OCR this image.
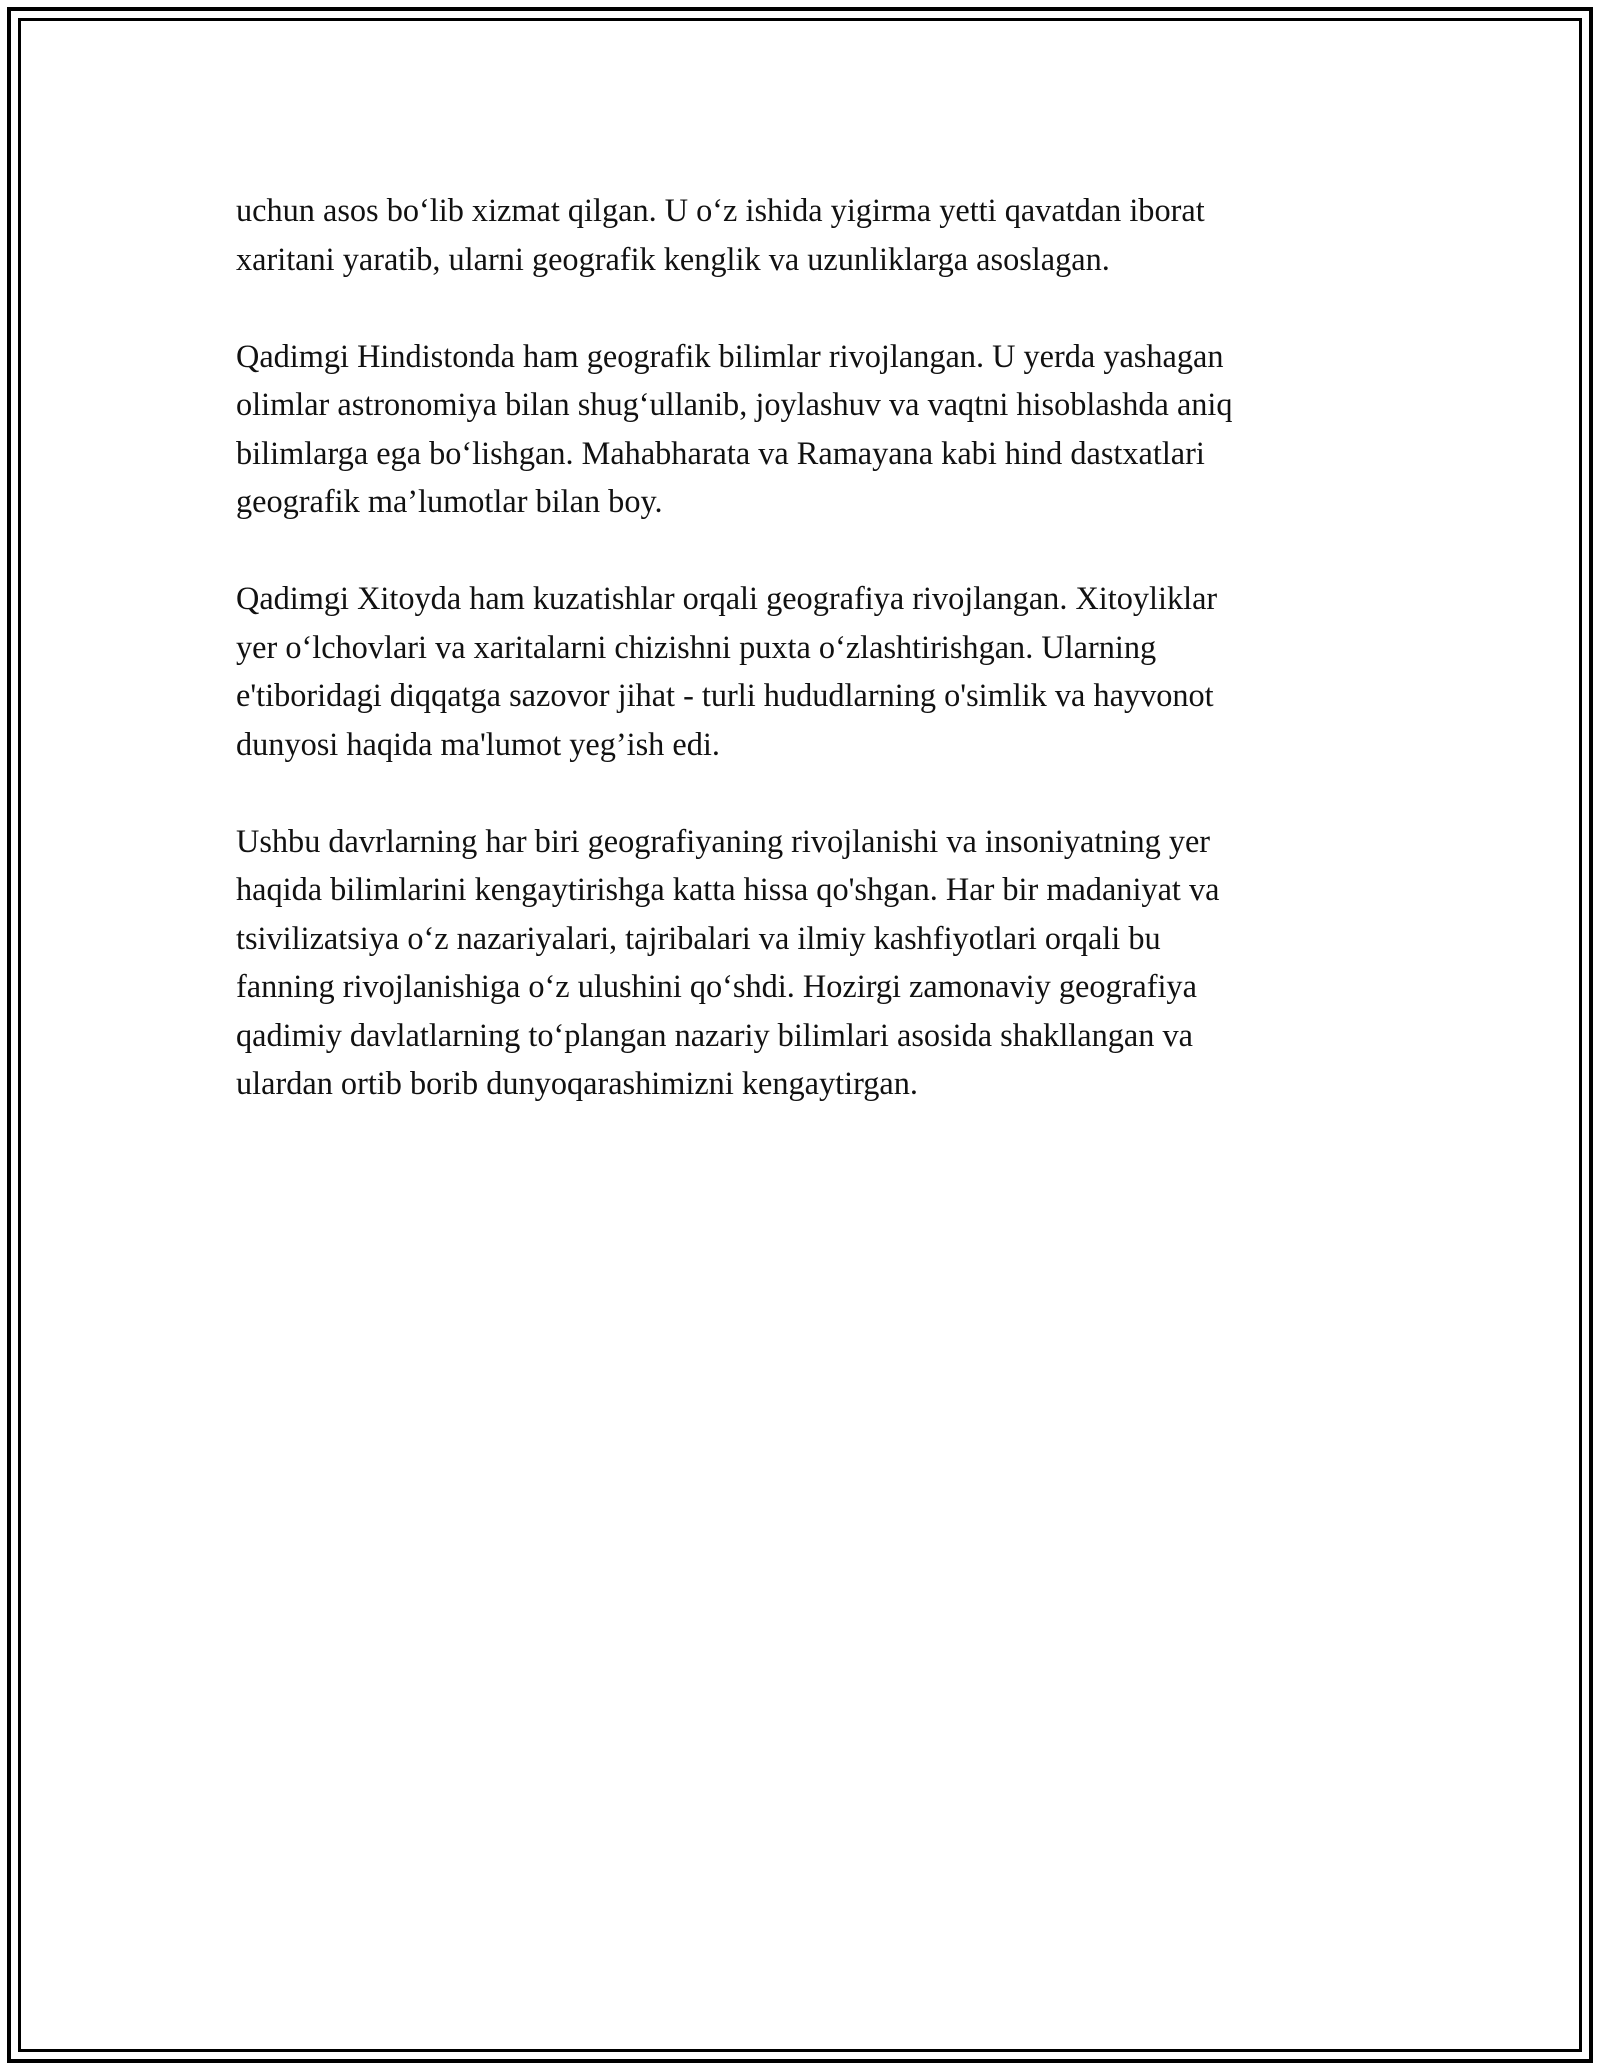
uchun asos bo‘lib xizmat qilgan. U o‘z ishida yigirma yetti qavatdan iborat
xaritani yaratib, ularni geografik kenglik va uzunliklarga asoslagan.

Qadimgi Hindistonda ham geografik bilimlar rivojlangan. U yerda yashagan
olimlar astronomiya bilan shug‘ullanib, joylashuv va vaqtni hisoblashda aniq
bilimlarga ega bo‘lishgan. Mahabharata va Ramayana kabi hind dastxatlari
geografik ma’lumotlar bilan boy.

Qadimgi Xitoyda ham kuzatishlar orqali geografiya rivojlangan. Xitoyliklar
yer o‘lchovlari va xaritalarni chizishni puxta o‘zlashtirishgan. Ularning
e'tiboridagi diqqatga sazovor jihat - turli hududlarning o'simlik va hayvonot
dunyosi haqida ma'lumot yeg’ish edi.

Ushbu davrlarning har biri geografiyaning rivojlanishi va insoniyatning yer
haqida bilimlarini kengaytirishga katta hissa qo'shgan. Har bir madaniyat va
tsivilizatsiya o‘z nazariyalari, tajribalari va ilmiy kashfiyotlari orqali bu
fanning rivojlanishiga o‘z ulushini qo‘shdi. Hozirgi zamonaviy geografiya
qadimiy davlatlarning to‘plangan nazariy bilimlari asosida shakllangan va
ulardan ortib borib dunyoqarashimizni kengaytirgan.
